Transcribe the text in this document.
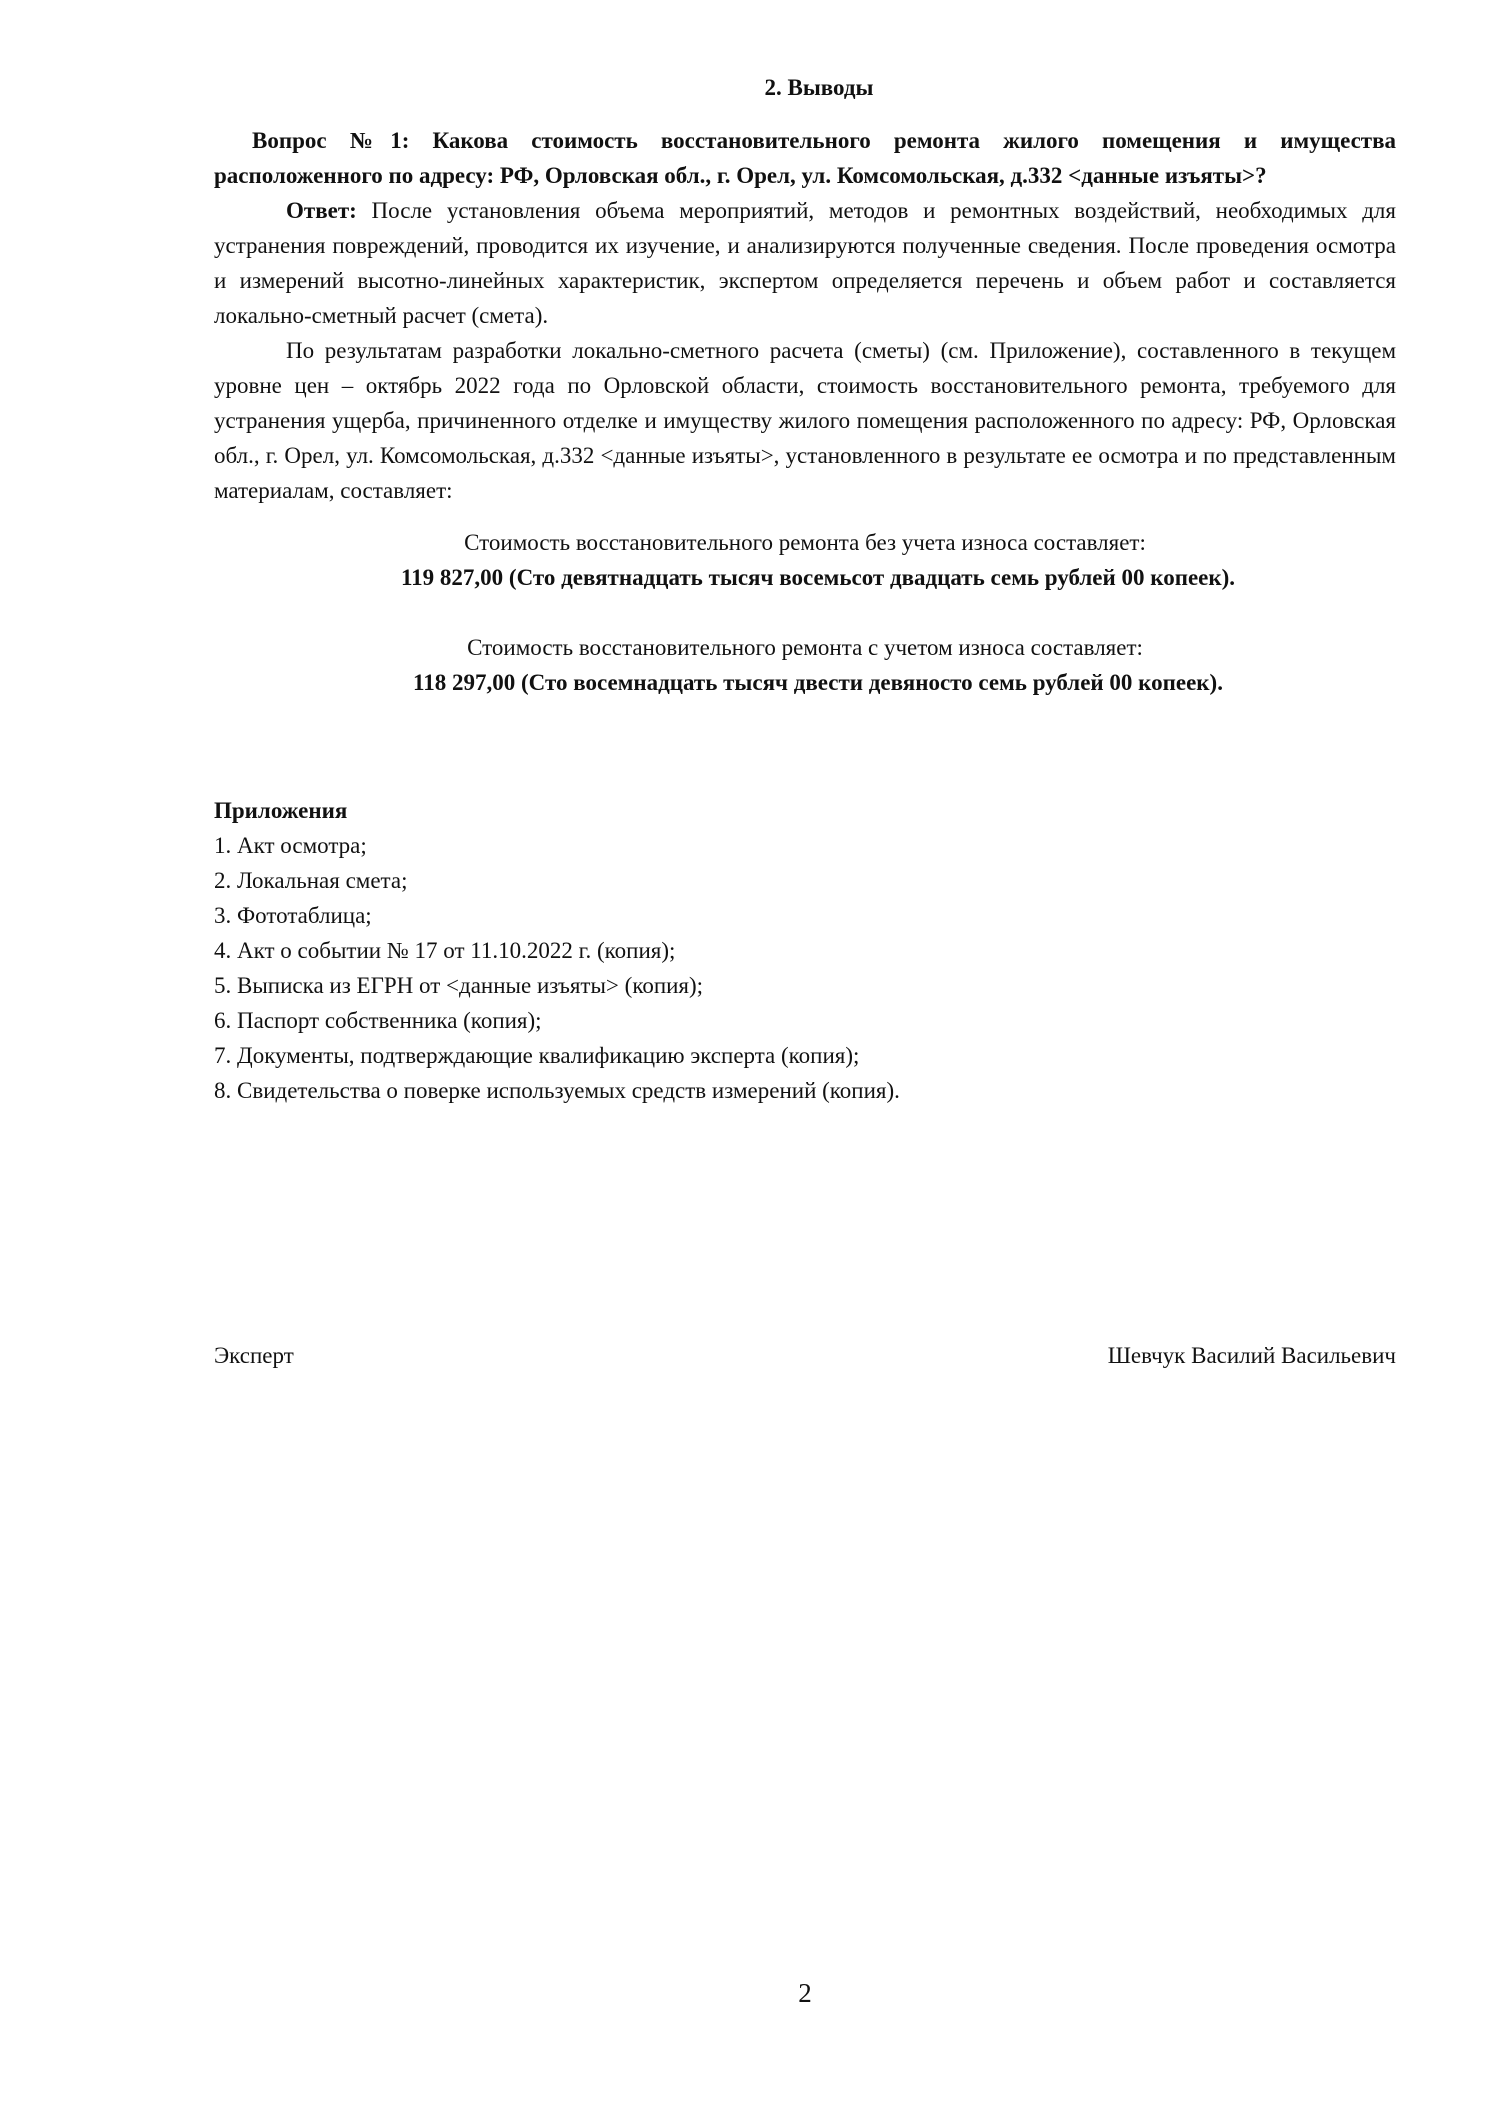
2. Выводы

Вопрос №1: Какова стоимость восстановительного ремонта жилого помещения и имущества расположенного по адресу: РФ, Орловская обл., г. Орел, ул. Комсомольская, д.332 <данные изъяты>?

Ответ: После установления объема мероприятий, методов и ремонтных воздействий, необходимых для устранения повреждений, проводится их изучение, и анализируются полученные сведения. После проведения осмотра и измерений высотно-линейных характеристик, экспертом определяется перечень и объем работ и составляется локально-сметный расчет (смета).

По результатам разработки локально-сметного расчета (сметы) (см. Приложение), составленного в текущем уровне цен – октябрь 2022 года по Орловской области, стоимость восстановительного ремонта, требуемого для устранения ущерба, причиненного отделке и имуществу жилого помещения расположенного по адресу: РФ, Орловская обл., г. Орел, ул. Комсомольская, д.332 <данные изъяты>, установленного в результате ее осмотра и по представленным материалам, составляет:

Стоимость восстановительного ремонта без учета износа составляет:
119 827,00 (Сто девятнадцать тысяч восемьсот двадцать семь рублей 00 копеек).
Стоимость восстановительного ремонта с учетом износа составляет:
118 297,00 (Сто восемнадцать тысяч двести девяносто семь рублей 00 копеек).

Приложения

1. Акт осмотра;
2. Локальная смета;
3. Фототаблица;
4. Акт о событии № 17 от 11.10.2022 г. (копия);
5. Выписка из ЕГРН от <данные изъяты> (копия);
6. Паспорт собственника (копия);
7. Документы, подтверждающие квалификацию эксперта (копия);
8. Свидетельства о поверке используемых средств измерений (копия).
Эксперт	Шевчук Василий Васильевич
2
